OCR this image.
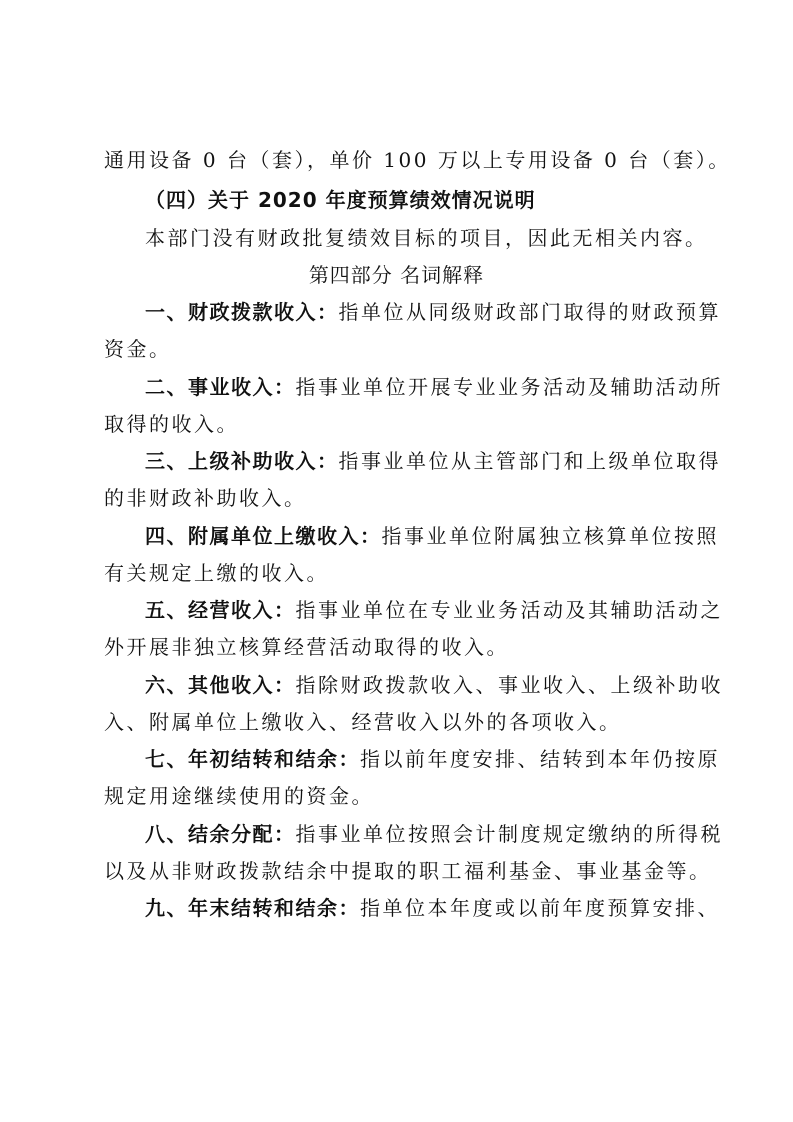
通用设备 0 台（套），单价 100 万以上专用设备 0 台（套）。
（四）关于 2020 年度预算绩效情况说明
本部门没有财政批复绩效目标的项目，因此无相关内容。
第四部分 名词解释
一、财政拨款收入：指单位从同级财政部门取得的财政预算
资金。
二、事业收入：指事业单位开展专业业务活动及辅助活动所
取得的收入。
三、上级补助收入：指事业单位从主管部门和上级单位取得
的非财政补助收入。
四、附属单位上缴收入：指事业单位附属独立核算单位按照
有关规定上缴的收入。
五、经营收入：指事业单位在专业业务活动及其辅助活动之
外开展非独立核算经营活动取得的收入。
六、其他收入：指除财政拨款收入、事业收入、上级补助收
入、附属单位上缴收入、经营收入以外的各项收入。
七、年初结转和结余：指以前年度安排、结转到本年仍按原
规定用途继续使用的资金。
八、结余分配：指事业单位按照会计制度规定缴纳的所得税
以及从非财政拨款结余中提取的职工福利基金、事业基金等。
九、年末结转和结余：指单位本年度或以前年度预算安排、
